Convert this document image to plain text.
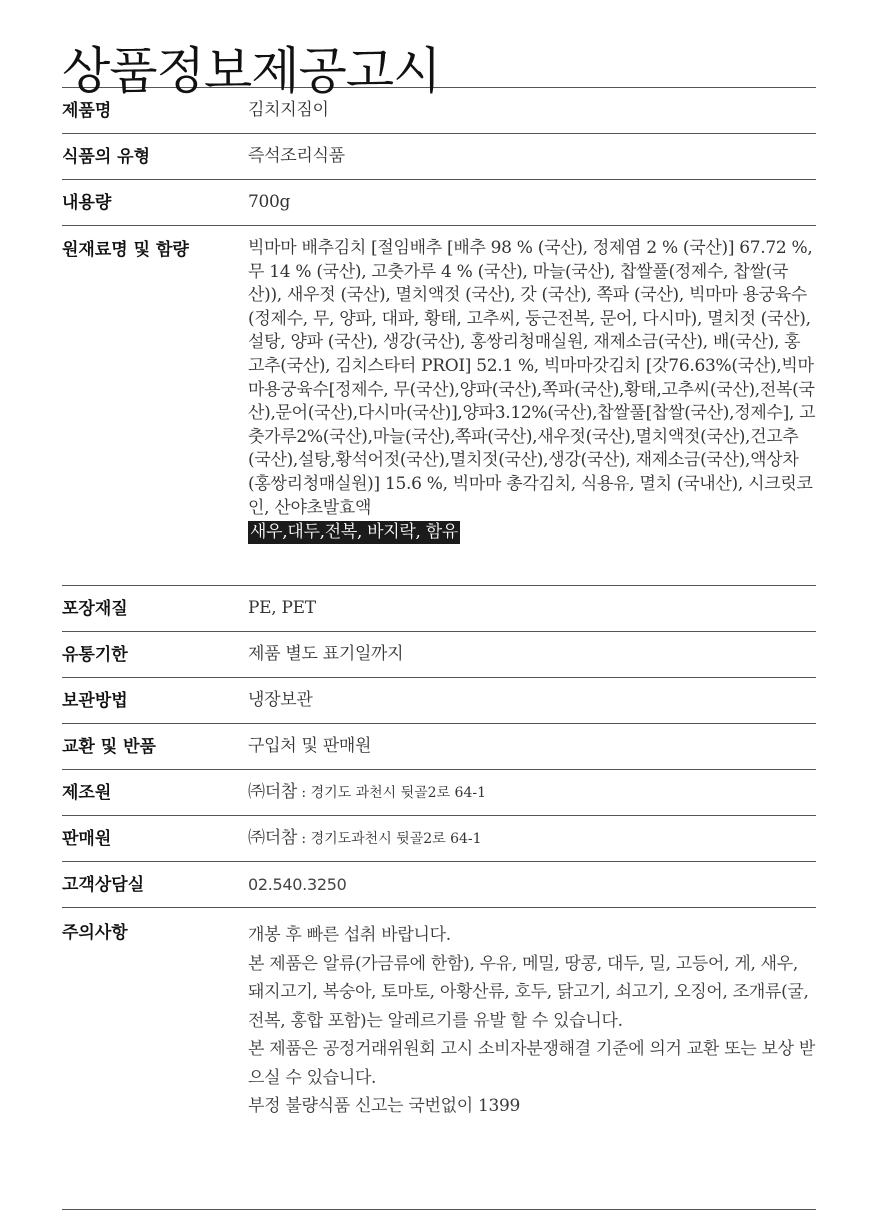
상품정보제공고시
제품명	김치지짐이
식품의 유형	즉석조리식품
내용량	700g
원재료명 및 함량	빅마마 배추김치 [절임배추 [배추 98 % (국산), 정제염 2 % (국산)] 67.72 %, 무 14 % (국산), 고춧가루 4 % (국산), 마늘(국산), 찹쌀풀(정제수, 찹쌀(국산)), 새우젓 (국산), 멸치액젓 (국산), 갓 (국산), 쪽파 (국산), 빅마마 용궁육수 (정제수, 무, 양파, 대파, 황태, 고추씨, 둥근전복, 문어, 다시마), 멸치젓 (국산), 설탕, 양파 (국산), 생강(국산), 홍쌍리청매실원, 재제소금(국산), 배(국산), 홍고추(국산), 김치스타터 PROI] 52.1 %, 빅마마갓김치 [갓76.63%(국산),빅마마용궁육수[정제수, 무(국산),양파(국산),쪽파(국산),황태,고추씨(국산),전복(국산),문어(국산),다시마(국산)],양파3.12%(국산),찹쌀풀[찹쌀(국산),정제수], 고춧가루2%(국산),마늘(국산),쪽파(국산),새우젓(국산),멸치액젓(국산),건고추(국산),설탕,황석어젓(국산),멸치젓(국산),생강(국산), 재제소금(국산),액상차(홍쌍리청매실원)] 15.6 %, 빅마마 총각김치, 식용유, 멸치 (국내산), 시크릿코인, 산야초발효액
새우,대두,전복, 바지락, 함유
포장재질	PE, PET
유통기한	제품 별도 표기일까지
보관방법	냉장보관
교환 및 반품	구입처 및 판매원
제조원	㈜더참 : 경기도 과천시 뒷골2로 64-1
판매원	㈜더참 : 경기도과천시 뒷골2로 64-1
고객상담실	02.540.3250
주의사항	개봉 후 빠른 섭취 바랍니다.
본 제품은 알류(가금류에 한함), 우유, 메밀, 땅콩, 대두, 밀, 고등어, 게, 새우, 돼지고기, 복숭아, 토마토, 아황산류, 호두, 닭고기, 쇠고기, 오징어, 조개류(굴, 전복, 홍합 포함)는 알레르기를 유발 할 수 있습니다.
본 제품은 공정거래위원회 고시 소비자분쟁해결 기준에 의거 교환 또는 보상 받으실 수 있습니다.
부정 불량식품 신고는 국번없이 1399
